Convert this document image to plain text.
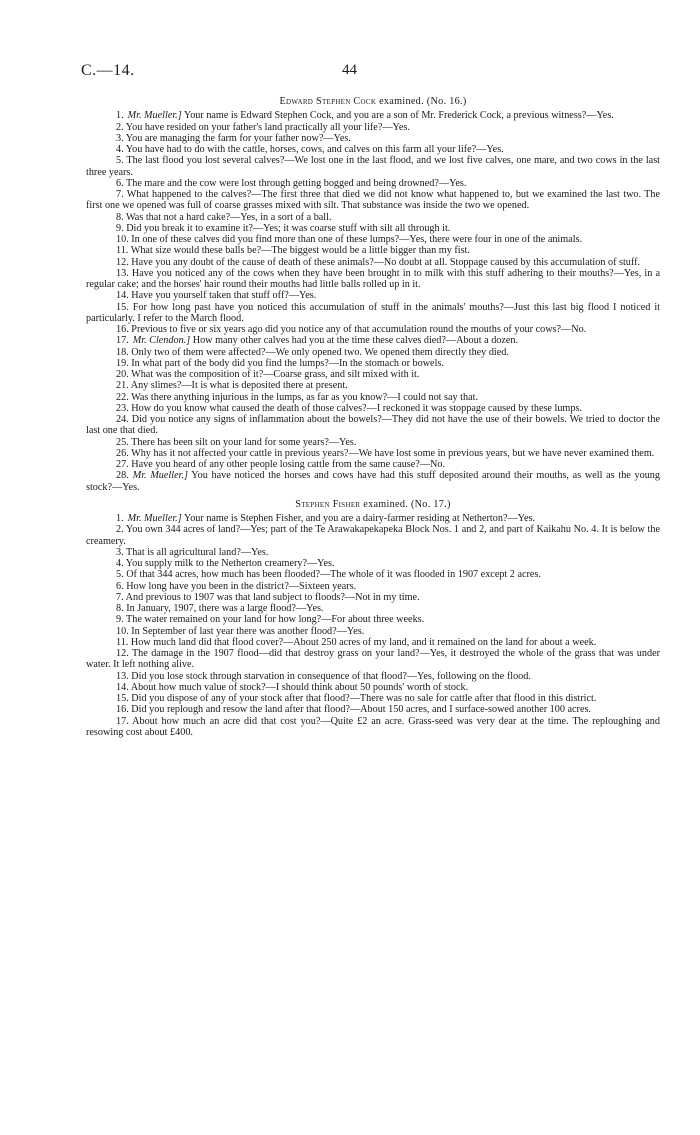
C.—14.	44

Edward Stephen Cock examined. (No. 16.)

1. Mr. Mueller.] Your name is Edward Stephen Cock, and you are a son of Mr. Frederick Cock, a previous witness?—Yes.

2. You have resided on your father's land practically all your life?—Yes.

3. You are managing the farm for your father now?—Yes.

4. You have had to do with the cattle, horses, cows, and calves on this farm all your life?—Yes.

5. The last flood you lost several calves?—We lost one in the last flood, and we lost five calves, one mare, and two cows in the last three years.

6. The mare and the cow were lost through getting bogged and being drowned?—Yes.

7. What happened to the calves?—The first three that died we did not know what happened to, but we examined the last two. The first one we opened was full of coarse grasses mixed with silt. That substance was inside the two we opened.

8. Was that not a hard cake?—Yes, in a sort of a ball.

9. Did you break it to examine it?—Yes; it was coarse stuff with silt all through it.

10. In one of these calves did you find more than one of these lumps?—Yes, there were four in one of the animals.

11. What size would these balls be?—The biggest would be a little bigger than my fist.

12. Have you any doubt of the cause of death of these animals?—No doubt at all. Stoppage caused by this accumulation of stuff.

13. Have you noticed any of the cows when they have been brought in to milk with this stuff adhering to their mouths?—Yes, in a regular cake; and the horses' hair round their mouths had little balls rolled up in it.

14. Have you yourself taken that stuff off?—Yes.

15. For how long past have you noticed this accumulation of stuff in the animals' mouths?—Just this last big flood I noticed it particularly. I refer to the March flood.

16. Previous to five or six years ago did you notice any of that accumulation round the mouths of your cows?—No.

17. Mr. Clendon.] How many other calves had you at the time these calves died?—About a dozen.

18. Only two of them were affected?—We only opened two. We opened them directly they died.

19. In what part of the body did you find the lumps?—In the stomach or bowels.

20. What was the composition of it?—Coarse grass, and silt mixed with it.

21. Any slimes?—It is what is deposited there at present.

22. Was there anything injurious in the lumps, as far as you know?—I could not say that.

23. How do you know what caused the death of those calves?—I reckoned it was stoppage caused by these lumps.

24. Did you notice any signs of inflammation about the bowels?—They did not have the use of their bowels. We tried to doctor the last one that died.

25. There has been silt on your land for some years?—Yes.

26. Why has it not affected your cattle in previous years?—We have lost some in previous years, but we have never examined them.

27. Have you heard of any other people losing cattle from the same cause?—No.

28. Mr. Mueller.] You have noticed the horses and cows have had this stuff deposited around their mouths, as well as the young stock?—Yes.

Stephen Fisher examined. (No. 17.)

1. Mr. Mueller.] Your name is Stephen Fisher, and you are a dairy-farmer residing at Netherton?—Yes.

2. You own 344 acres of land?—Yes; part of the Te Arawakapekapeka Block Nos. 1 and 2, and part of Kaikahu No. 4. It is below the creamery.

3. That is all agricultural land?—Yes.

4. You supply milk to the Netherton creamery?—Yes.

5. Of that 344 acres, how much has been flooded?—The whole of it was flooded in 1907 except 2 acres.

6. How long have you been in the district?—Sixteen years.

7. And previous to 1907 was that land subject to floods?—Not in my time.

8. In January, 1907, there was a large flood?—Yes.

9. The water remained on your land for how long?—For about three weeks.

10. In September of last year there was another flood?—Yes.

11. How much land did that flood cover?—About 250 acres of my land, and it remained on the land for about a week.

12. The damage in the 1907 flood—did that destroy grass on your land?—Yes, it destroyed the whole of the grass that was under water. It left nothing alive.

13. Did you lose stock through starvation in consequence of that flood?—Yes, following on the flood.

14. About how much value of stock?—I should think about 50 pounds' worth of stock.

15. Did you dispose of any of your stock after that flood?—There was no sale for cattle after that flood in this district.

16. Did you replough and resow the land after that flood?—About 150 acres, and I surface-sowed another 100 acres.

17. About how much an acre did that cost you?—Quite £2 an acre. Grass-seed was very dear at the time. The reploughing and resowing cost about £400.
